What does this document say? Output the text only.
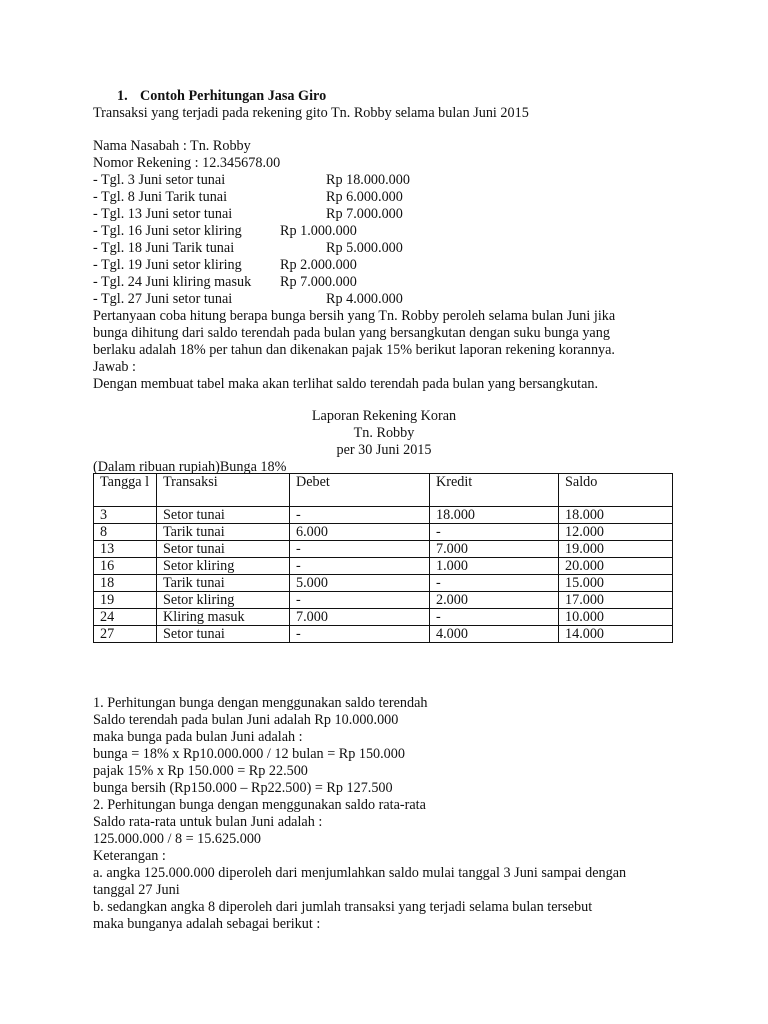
1. Contoh Perhitungan Jasa Giro
Transaksi yang terjadi pada rekening gito Tn. Robby selama bulan Juni 2015
Nama Nasabah : Tn. Robby
Nomor Rekening : 12.345678.00
- Tgl. 3 Juni setor tunai	Rp 18.000.000
- Tgl. 8 Juni Tarik tunai	Rp 6.000.000
- Tgl. 13 Juni setor tunai	Rp 7.000.000
- Tgl. 16 Juni setor kliring	Rp 1.000.000
- Tgl. 18 Juni Tarik tunai	Rp 5.000.000
- Tgl. 19 Juni setor kliring	Rp 2.000.000
- Tgl. 24 Juni kliring masuk Rp 7.000.000
- Tgl. 27 Juni setor tunai	Rp 4.000.000
Pertanyaan coba hitung berapa bunga bersih yang Tn. Robby peroleh selama bulan Juni jika
bunga dihitung dari saldo terendah pada bulan yang bersangkutan dengan suku bunga yang
berlaku adalah 18% per tahun dan dikenakan pajak 15% berikut laporan rekening korannya.
Jawab :
Dengan membuat tabel maka akan terlihat saldo terendah pada bulan yang bersangkutan.
Laporan Rekening Koran
Tn. Robby
per 30 Juni 2015
(Dalam ribuan rupiah)Bunga 18%
Tangga l	Transaksi	Debet	Kredit	Saldo
3	Setor tunai	-	18.000	18.000
8	Tarik tunai	6.000	-	12.000
13	Setor tunai	-	7.000	19.000
16	Setor kliring	-	1.000	20.000
18	Tarik tunai	5.000	-	15.000
19	Setor kliring	-	2.000	17.000
24	Kliring masuk	7.000	-	10.000
27	Setor tunai	-	4.000	14.000
1. Perhitungan bunga dengan menggunakan saldo terendah
Saldo terendah pada bulan Juni adalah Rp 10.000.000
maka bunga pada bulan Juni adalah :
bunga = 18% x Rp10.000.000 / 12 bulan = Rp 150.000
pajak 15% x Rp 150.000 = Rp 22.500
bunga bersih (Rp150.000 – Rp22.500) = Rp 127.500
2. Perhitungan bunga dengan menggunakan saldo rata-rata
Saldo rata-rata untuk bulan Juni adalah :
125.000.000 / 8 = 15.625.000
Keterangan :
a. angka 125.000.000 diperoleh dari menjumlahkan saldo mulai tanggal 3 Juni sampai dengan
tanggal 27 Juni
b. sedangkan angka 8 diperoleh dari jumlah transaksi yang terjadi selama bulan tersebut
maka bunganya adalah sebagai berikut :
